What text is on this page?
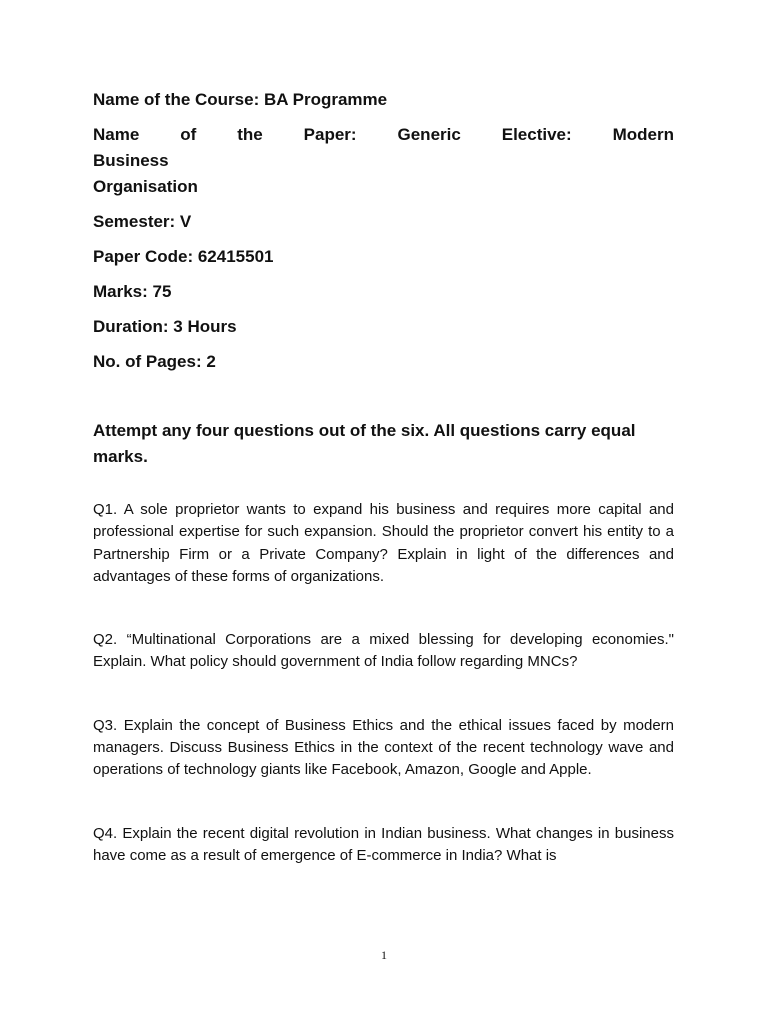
Name of the Course: BA Programme

Name of the Paper: Generic Elective: Modern Business

Organisation

Semester: V

Paper Code: 62415501

Marks: 75

Duration: 3 Hours

No. of Pages: 2

Attempt any four questions out of the six. All questions carry equal marks.

Q1. A sole proprietor wants to expand his business and requires more capital and professional expertise for such expansion. Should the proprietor convert his entity to a Partnership Firm or a Private Company? Explain in light of the differences and advantages of these forms of organizations.

Q2. “Multinational Corporations are a mixed blessing for developing economies." Explain. What policy should government of India follow regarding MNCs?

Q3. Explain the concept of Business Ethics and the ethical issues faced by modern managers. Discuss Business Ethics in the context of the recent technology wave and operations of technology giants like Facebook, Amazon, Google and Apple.

Q4. Explain the recent digital revolution in Indian business. What changes in business have come as a result of emergence of E-commerce in India? What is

1
